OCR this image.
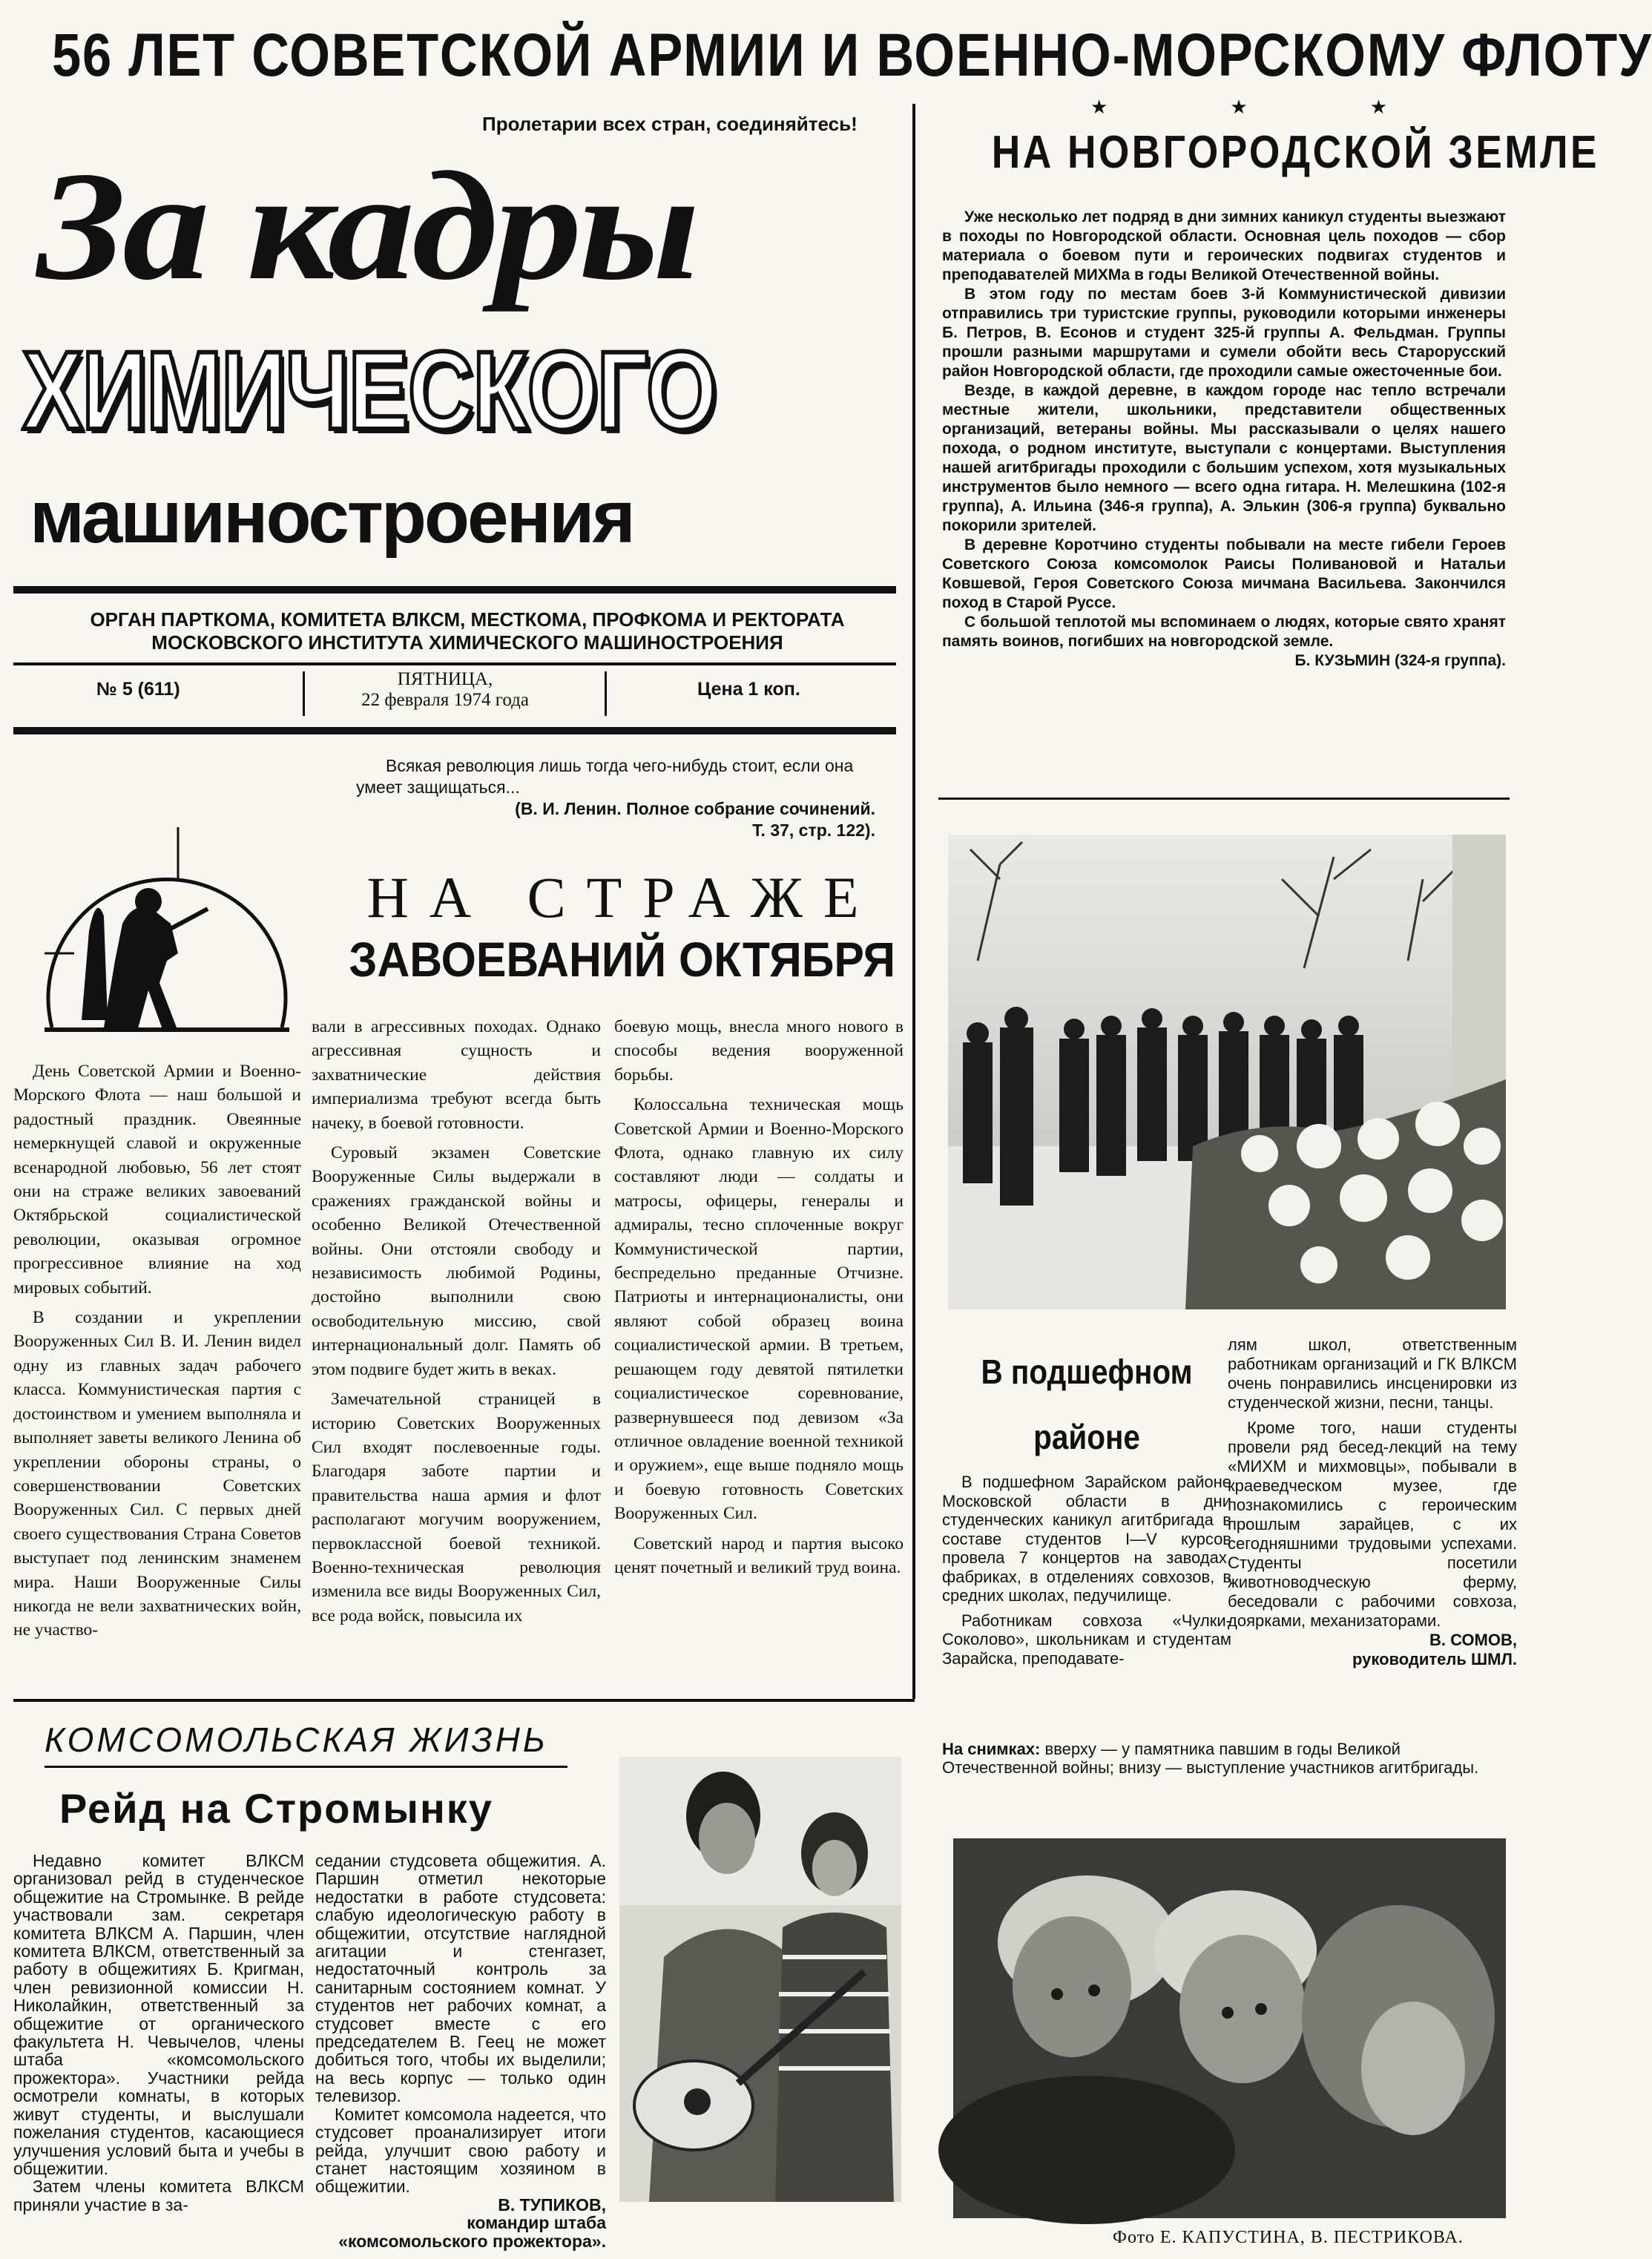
56 ЛЕТ СОВЕТСКОЙ АРМИИ И ВОЕННО-МОРСКОМУ ФЛОТУ
Пролетарии всех стран, соединяйтесь!
За кадры
ХИМИЧЕСКОГО
машиностроения
ОРГАН ПАРТКОМА, КОМИТЕТА ВЛКСМ, МЕСТКОМА, ПРОФКОМА И РЕКТОРАТА
МОСКОВСКОГО ИНСТИТУТА ХИМИЧЕСКОГО МАШИНОСТРОЕНИЯ
№ 5 (611)	ПЯТНИЦА,
22 февраля 1974 года
Цена 1 коп.
Всякая революция лишь тогда чего-нибудь стоит, если она умеет защищаться...
(В. И. Ленин. Полное собрание сочинений.
Т. 37, стр. 122).
НА СТРАЖЕ
ЗАВОЕВАНИЙ ОКТЯБРЯ

День Советской Армии и Военно-Морского Флота — наш большой и радостный праздник. Овеянные немеркнущей славой и окруженные всенародной любовью, 56 лет стоят они на страже великих завоеваний Октябрьской социалистической революции, оказывая огромное прогрессивное влияние на ход мировых событий.

В создании и укреплении Вооруженных Сил В. И. Ленин видел одну из главных задач рабочего класса. Коммунистическая партия с достоинством и умением выполняла и выполняет заветы великого Ленина об укреплении обороны страны, о совершенствовании Советских Вооруженных Сил. С первых дней своего существования Страна Советов выступает под ленинским знаменем мира. Наши Вооруженные Силы никогда не вели захватнических войн, не участво-

вали в агрессивных походах. Однако агрессивная сущность и захватнические действия империализма требуют всегда быть начеку, в боевой готовности.

Суровый экзамен Советские Вооруженные Силы выдержали в сражениях гражданской войны и особенно Великой Отечественной войны. Они отстояли свободу и независимость любимой Родины, достойно выполнили свою освободительную миссию, свой интернациональный долг. Память об этом подвиге будет жить в веках.

Замечательной страницей в историю Советских Вооруженных Сил входят послевоенные годы. Благодаря заботе партии и правительства наша армия и флот располагают могучим вооружением, первоклассной боевой техникой. Военно-техническая революция изменила все виды Вооруженных Сил, все рода войск, повысила их

боевую мощь, внесла много нового в способы ведения вооруженной борьбы.

Колоссальна техническая мощь Советской Армии и Военно-Морского Флота, однако главную их силу составляют люди — солдаты и матросы, офицеры, генералы и адмиралы, тесно сплоченные вокруг Коммунистической партии, беспредельно преданные Отчизне. Патриоты и интернационалисты, они являют собой образец воина социалистической армии. В третьем, решающем году девятой пятилетки социалистическое соревнование, развернувшееся под девизом «За отличное овладение военной техникой и оружием», еще выше подняло мощь и боевую готовность Советских Вооруженных Сил.

Советский народ и партия высоко ценят почетный и великий труд воина.

★	★	★
НА НОВГОРОДСКОЙ ЗЕМЛЕ

Уже несколько лет подряд в дни зимних каникул студенты выезжают в походы по Новгородской области. Основная цель походов — сбор материала о боевом пути и героических подвигах студентов и преподавателей МИХМа в годы Великой Отечественной войны.

В этом году по местам боев 3-й Коммунистической дивизии отправились три туристские группы, руководили которыми инженеры Б. Петров, В. Есонов и студент 325-й группы А. Фельдман. Группы прошли разными маршрутами и сумели обойти весь Старорусский район Новгородской области, где проходили самые ожесточенные бои.

Везде, в каждой деревне, в каждом городе нас тепло встречали местные жители, школьники, представители общественных организаций, ветераны войны. Мы рассказывали о целях нашего похода, о родном институте, выступали с концертами. Выступления нашей агитбригады проходили с большим успехом, хотя музыкальных инструментов было немного — всего одна гитара. Н. Мелешкина (102-я группа), А. Ильина (346-я группа), А. Элькин (306-я группа) буквально покорили зрителей.

В деревне Коротчино студенты побывали на месте гибели Героев Советского Союза комсомолок Раисы Поливановой и Натальи Ковшевой, Героя Советского Союза мичмана Васильева. Закончился поход в Старой Руссе.

С большой теплотой мы вспоминаем о людях, которые свято хранят память воинов, погибших на новгородской земле.

Б. КУЗЬМИН (324-я группа).
В подшефном районе

В подшефном Зарайском районе Московской области в дни студенческих каникул агитбригада в составе студентов I—V курсов провела 7 концертов на заводах, фабриках, в отделениях совхозов, в средних школах, педучилище.

Работникам совхоза «Чулки-Соколово», школьникам и студентам Зарайска, преподавате-

лям школ, ответственным работникам организаций и ГК ВЛКСМ очень понравились инсценировки из студенческой жизни, песни, танцы.

Кроме того, наши студенты провели ряд бесед-лекций на тему «МИХМ и михмовцы», побывали в краеведческом музее, где познакомились с героическим прошлым зарайцев, с их сегодняшними трудовыми успехами. Студенты посетили животноводческую ферму, беседовали с рабочими совхоза, доярками, механизаторами.

В. СОМОВ,
руководитель ШМЛ.
На снимках: вверху — у памятника павшим в годы Великой Отечественной войны; внизу — выступление участников агитбригады.
Фото Е. КАПУСТИНА, В. ПЕСТРИКОВА.
КОМСОМОЛЬСКАЯ ЖИЗНЬ
Рейд на Стромынку

Недавно комитет ВЛКСМ организовал рейд в студенческое общежитие на Стромынке. В рейде участвовали зам. секретаря комитета ВЛКСМ А. Паршин, член комитета ВЛКСМ, ответственный за работу в общежитиях Б. Кригман, член ревизионной комиссии Н. Николайкин, ответственный за общежитие от органического факультета Н. Чевычелов, члены штаба «комсомольского прожектора». Участники рейда осмотрели комнаты, в которых живут студенты, и выслушали пожелания студентов, касающиеся улучшения условий быта и учебы в общежитии.

Затем члены комитета ВЛКСМ приняли участие в за-

седании студсовета общежития. А. Паршин отметил некоторые недостатки в работе студсовета: слабую идеологическую работу в общежитии, отсутствие наглядной агитации и стенгазет, недостаточный контроль за санитарным состоянием комнат. У студентов нет рабочих комнат, а студсовет вместе с его председателем В. Геец не может добиться того, чтобы их выделили; на весь корпус — только один телевизор.

Комитет комсомола надеется, что студсовет проанализирует итоги рейда, улучшит свою работу и станет настоящим хозяином в общежитии.

В. ТУПИКОВ,
командир штаба «комсомольского прожектора».
